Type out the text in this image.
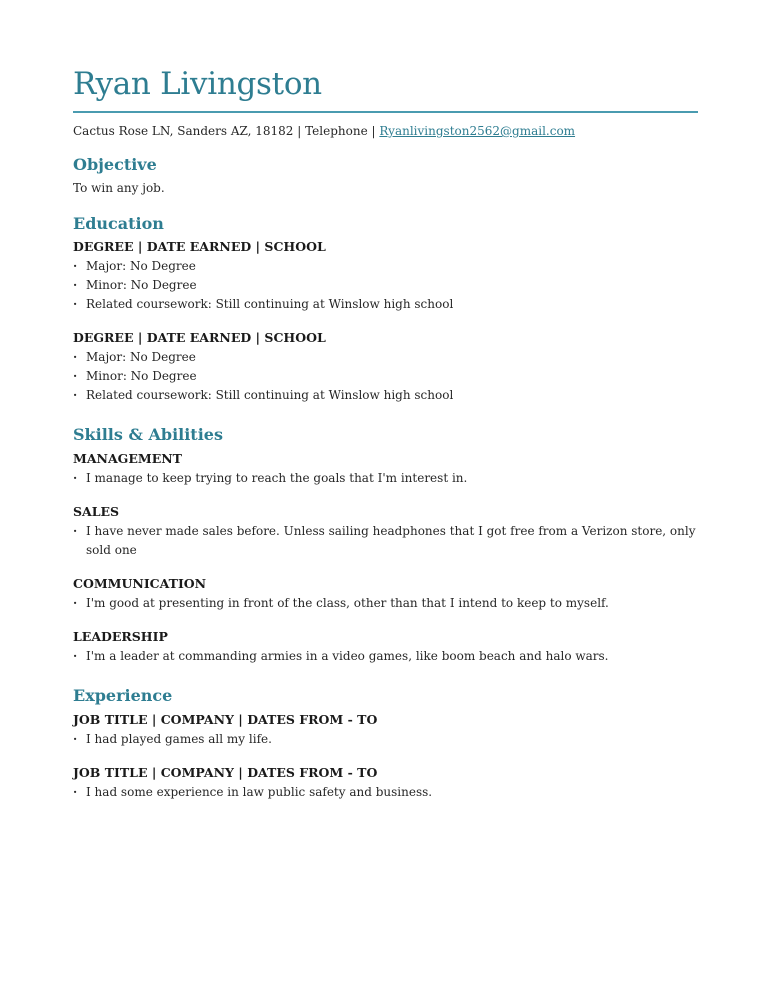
Ryan Livingston
Cactus Rose LN, Sanders AZ, 18182 | Telephone | Ryanlivingston2562@gmail.com
Objective
To win any job.
Education
DEGREE | DATE EARNED | SCHOOL
· Major: No Degree
· Minor: No Degree
· Related coursework: Still continuing at Winslow high school
DEGREE | DATE EARNED | SCHOOL
· Major: No Degree
· Minor: No Degree
· Related coursework: Still continuing at Winslow high school
Skills & Abilities
MANAGEMENT
· I manage to keep trying to reach the goals that I'm interest in.
SALES
· I have never made sales before. Unless sailing headphones that I got free from a Verizon store, only sold one
COMMUNICATION
· I'm good at presenting in front of the class, other than that I intend to keep to myself.
LEADERSHIP
· I'm a leader at commanding armies in a video games, like boom beach and halo wars.
Experience
JOB TITLE | COMPANY | DATES FROM - TO
· I had played games all my life.
JOB TITLE | COMPANY | DATES FROM - TO
· I had some experience in law public safety and business.
